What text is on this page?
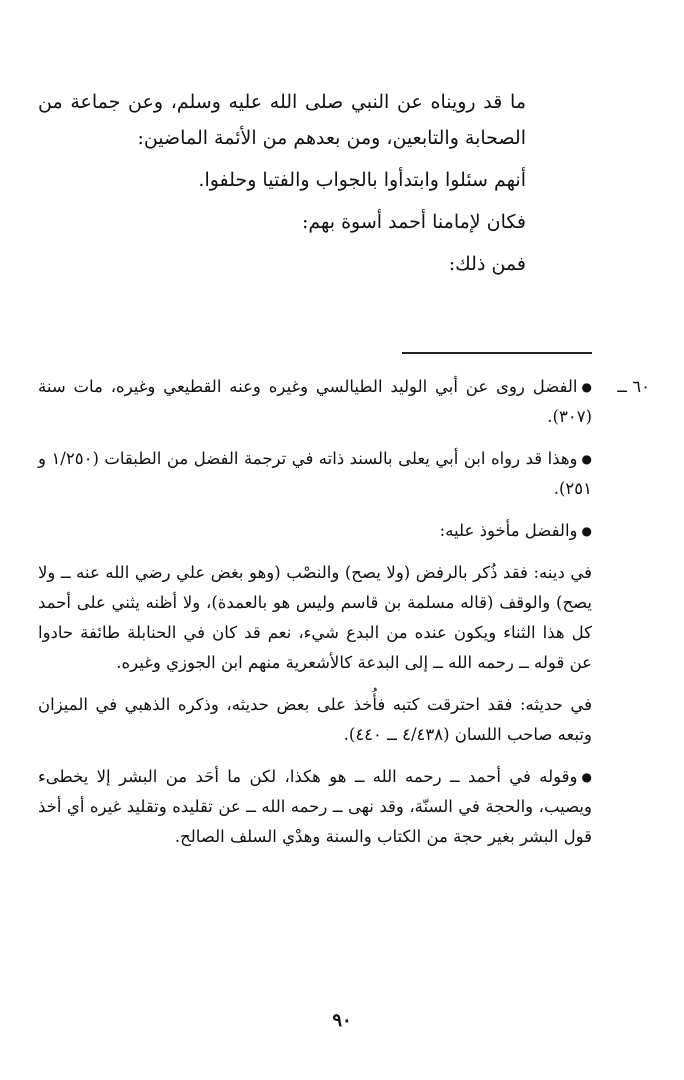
ما قد رويناه عن النبي صلى الله عليه وسلم، وعن جماعة من الصحابة والتابعين، ومن بعدهم من الأئمة الماضين:

أنهم سئلوا وابتدأوا بالجواب والفتيا وحلفوا.

فكان لإمامنا أحمد أسوة بهم:

فمن ذلك:

٦٠ ــ
●الفضل روى عن أبي الوليد الطيالسي وغيره وعنه القطيعي وغيره، مات سنة (٣٠٧).
●وهذا قد رواه ابن أبي يعلى بالسند ذاته في ترجمة الفضل من الطبقات (١/٢٥٠ و ٢٥١).
●والفضل مأخوذ عليه:
في دينه: فقد ذُكر بالرفض (ولا يصح) والنصْب (وهو بغض علي رضي الله عنه ــ ولا يصح) والوقف (قاله مسلمة بن قاسم وليس هو بالعمدة)، ولا أظنه يثني على أحمد كل هذا الثناء ويكون عنده من البدع شيء، نعم قد كان في الحنابلة طائفة حادوا عن قوله ــ رحمه الله ــ إلى البدعة كالأشعرية منهم ابن الجوزي وغيره.
في حديثه: فقد احترقت كتبه فأُخذ على بعض حديثه، وذكره الذهبي في الميزان وتبعه صاحب اللسان (٤/٤٣٨ ــ ٤٤٠).
●وقوله في أحمد ــ رحمه الله ــ هو هكذا، لكن ما أحَد من البشر إلا يخطىء ويصيب، والحجة في السنّة، وقد نهى ــ رحمه الله ــ عن تقليده وتقليد غيره أي أخذ قول البشر بغير حجة من الكتاب والسنة وهدْي السلف الصالح.
٩٠
